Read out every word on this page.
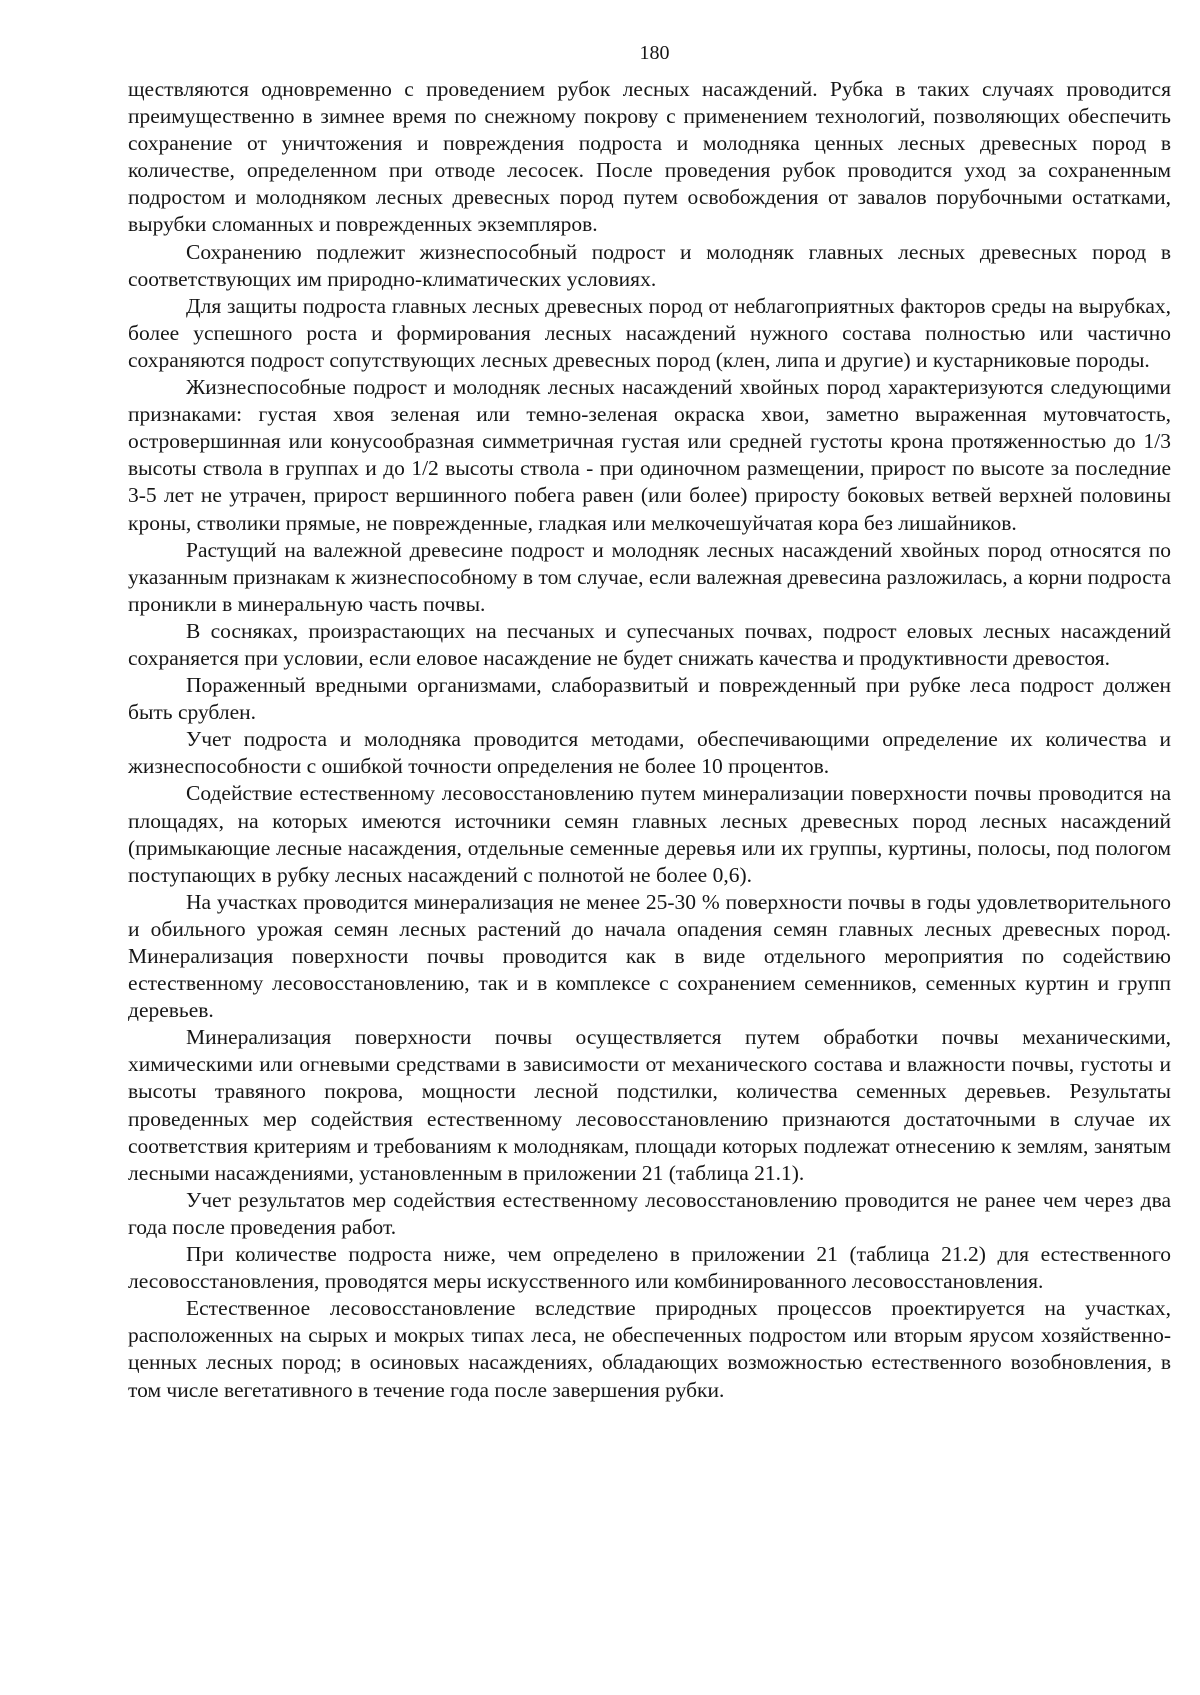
180

ществляются одновременно с проведением рубок лесных насаждений. Рубка в таких случаях проводится преимущественно в зимнее время по снежному покрову с применением технологий, позволяющих обеспечить сохранение от уничтожения и повреждения подроста и молодняка ценных лесных древесных пород в количестве, определенном при отводе лесосек. После проведения рубок проводится уход за сохраненным подростом и молодняком лесных древесных пород путем освобождения от завалов порубочными остатками, вырубки сломанных и поврежденных экземпляров.

Сохранению подлежит жизнеспособный подрост и молодняк главных лесных древесных пород в соответствующих им природно-климатических условиях.

Для защиты подроста главных лесных древесных пород от неблагоприятных факторов среды на вырубках, более успешного роста и формирования лесных насаждений нужного состава полностью или частично сохраняются подрост сопутствующих лесных древесных пород (клен, липа и другие) и кустарниковые породы.

Жизнеспособные подрост и молодняк лесных насаждений хвойных пород характеризуются следующими признаками: густая хвоя зеленая или темно-зеленая окраска хвои, заметно выраженная мутовчатость, островершинная или конусообразная симметричная густая или средней густоты крона протяженностью до 1/3 высоты ствола в группах и до 1/2 высоты ствола - при одиночном размещении, прирост по высоте за последние 3-5 лет не утрачен, прирост вершинного побега равен (или более) приросту боковых ветвей верхней половины кроны, стволики прямые, не поврежденные, гладкая или мелкочешуйчатая кора без лишайников.

Растущий на валежной древесине подрост и молодняк лесных насаждений хвойных пород относятся по указанным признакам к жизнеспособному в том случае, если валежная древесина разложилась, а корни подроста проникли в минеральную часть почвы.

В сосняках, произрастающих на песчаных и супесчаных почвах, подрост еловых лесных насаждений сохраняется при условии, если еловое насаждение не будет снижать качества и продуктивности древостоя.

Пораженный вредными организмами, слаборазвитый и поврежденный при рубке леса подрост должен быть срублен.

Учет подроста и молодняка проводится методами, обеспечивающими определение их количества и жизнеспособности с ошибкой точности определения не более 10 процентов.

Содействие естественному лесовосстановлению путем минерализации поверхности почвы проводится на площадях, на которых имеются источники семян главных лесных древесных пород лесных насаждений (примыкающие лесные насаждения, отдельные семенные деревья или их группы, куртины, полосы, под пологом поступающих в рубку лесных насаждений с полнотой не более 0,6).

На участках проводится минерализация не менее 25-30 % поверхности почвы в годы удовлетворительного и обильного урожая семян лесных растений до начала опадения семян главных лесных древесных пород. Минерализация поверхности почвы проводится как в виде отдельного мероприятия по содействию естественному лесовосстановлению, так и в комплексе с сохранением семенников, семенных куртин и групп деревьев.

Минерализация поверхности почвы осуществляется путем обработки почвы механическими, химическими или огневыми средствами в зависимости от механического состава и влажности почвы, густоты и высоты травяного покрова, мощности лесной подстилки, количества семенных деревьев. Результаты проведенных мер содействия естественному лесовосстановлению признаются достаточными в случае их соответствия критериям и требованиям к молоднякам, площади которых подлежат отнесению к землям, занятым лесными насаждениями, установленным в приложении 21 (таблица 21.1).

Учет результатов мер содействия естественному лесовосстановлению проводится не ранее чем через два года после проведения работ.

При количестве подроста ниже, чем определено в приложении 21 (таблица 21.2) для естественного лесовосстановления, проводятся меры искусственного или комбинированного лесовосстановления.

Естественное лесовосстановление вследствие природных процессов проектируется на участках, расположенных на сырых и мокрых типах леса, не обеспеченных подростом или вторым ярусом хозяйственно-ценных лесных пород; в осиновых насаждениях, обладающих возможностью естественного возобновления, в том числе вегетативного в течение года после завершения рубки.
